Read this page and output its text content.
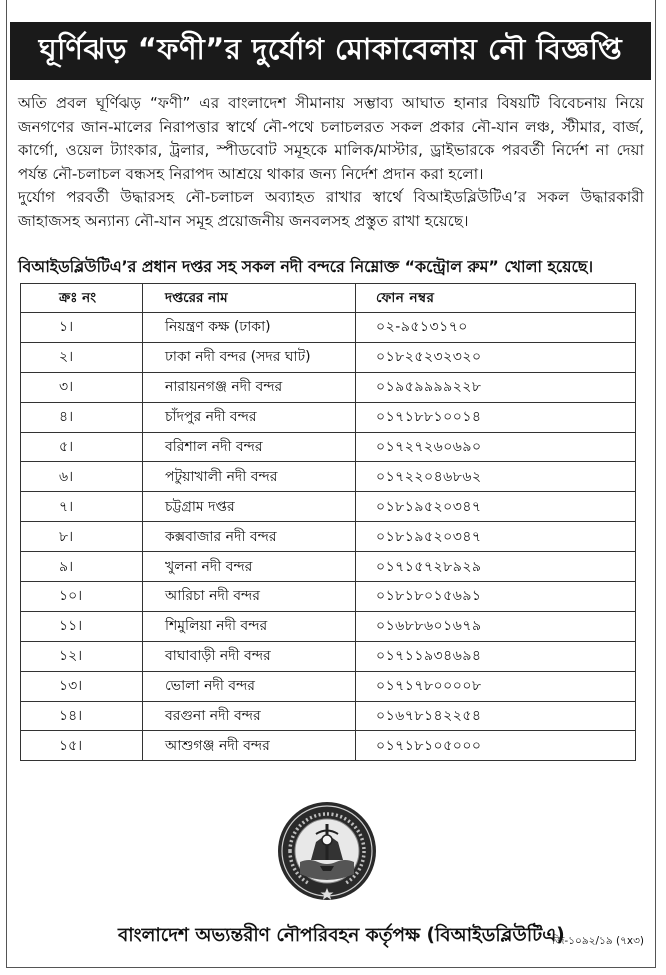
ঘূর্ণিঝড় “ফণী”র দুর্যোগ মোকাবেলায় নৌ বিজ্ঞপ্তি

অতি প্রবল ঘূর্ণিঝড় “ফণী” এর বাংলাদেশ সীমানায় সম্ভাব্য আঘাত হানার বিষয়টি বিবেচনায় নিয়ে জনগণের জান-মালের নিরাপত্তার স্বার্থে নৌ-পথে চলাচলরত সকল প্রকার নৌ-যান লঞ্চ, স্টীমার, বার্জ, কার্গো, ওয়েল ট্যাংকার, ট্রলার, স্পীডবোট সমূহকে মালিক/মাস্টার, ড্রাইভারকে পরবর্তী নির্দেশ না দেয়া পর্যন্ত নৌ-চলাচল বন্ধসহ নিরাপদ আশ্রয়ে থাকার জন্য নির্দেশ প্রদান করা হলো।

দুর্যোগ পরবর্তী উদ্ধারসহ নৌ-চলাচল অব্যাহত রাখার স্বার্থে বিআইডব্লিউটিএ’র সকল উদ্ধারকারী জাহাজসহ অন্যান্য নৌ-যান সমূহ প্রয়োজনীয় জনবলসহ প্রস্তুত রাখা হয়েছে।

বিআইডব্লিউটিএ’র প্রধান দপ্তর সহ সকল নদী বন্দরে নিম্নোক্ত “কন্ট্রোল রুম” খোলা হয়েছে।
ক্রঃ নং	দপ্তরের নাম	ফোন নম্বর
১।	নিয়ন্ত্রণ কক্ষ (ঢাকা)	০২-৯৫১৩১৭০
২।	ঢাকা নদী বন্দর (সদর ঘাট)	০১৮২৫২৩২৩২০
৩।	নারায়নগঞ্জ নদী বন্দর	০১৯৫৯৯৯৯২২৮
৪।	চাঁদপুর নদী বন্দর	০১৭১৮৮১০০১৪
৫।	বরিশাল নদী বন্দর	০১৭২৭২৬০৬৯০
৬।	পটুয়াখালী নদী বন্দর	০১৭২২০৪৬৮৬২
৭।	চট্টগ্রাম দপ্তর	০১৮১৯৫২০৩৪৭
৮।	কক্সবাজার নদী বন্দর	০১৮১৯৫২০৩৪৭
৯।	খুলনা নদী বন্দর	০১৭১৫৭২৮৯২৯
১০।	আরিচা নদী বন্দর	০১৮১৮০১৫৬৯১
১১।	শিমুলিয়া নদী বন্দর	০১৬৮৮৬০১৬৭৯
১২।	বাঘাবাড়ী নদী বন্দর	০১৭১১৯৩৪৬৯৪
১৩।	ভোলা নদী বন্দর	০১৭১৭৮০০০০৮
১৪।	বরগুনা নদী বন্দর	০১৬৭৮১৪২২৫৪
১৫।	আশুগঞ্জ নদী বন্দর	০১৭১৮১০৫০০০
বাংলাদেশ অভ্যন্তরীণ নৌপরিবহন কর্তৃপক্ষ (বিআইডব্লিউটিএ)
জি-১০৯২/১৯ (৭x৩)
